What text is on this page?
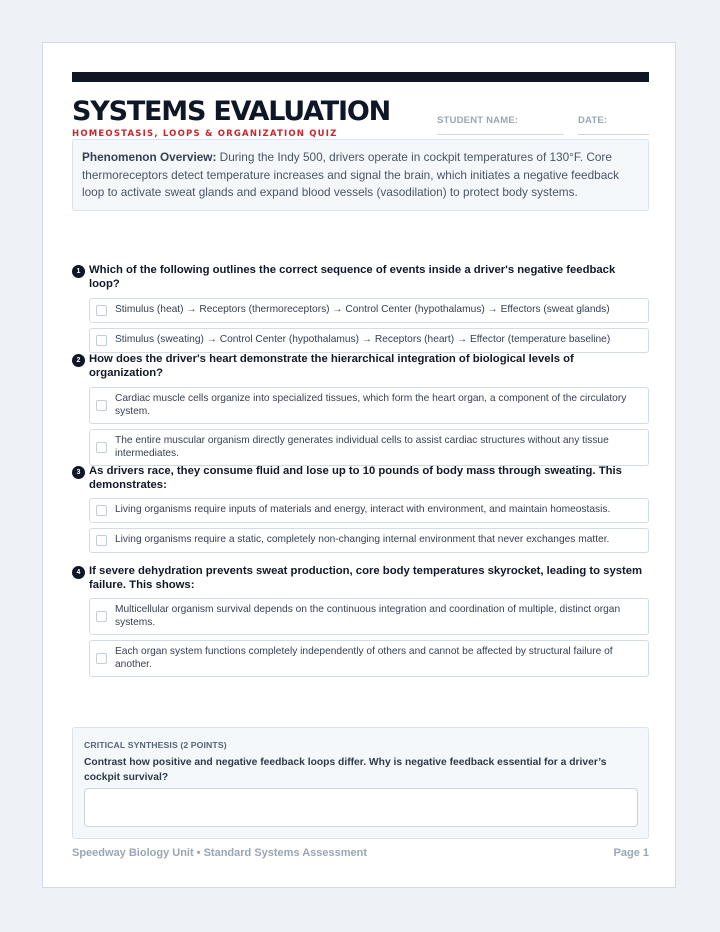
SYSTEMS EVALUATION
HOMEOSTASIS, LOOPS & ORGANIZATION QUIZ
STUDENT NAME:	DATE:
Phenomenon Overview: During the Indy 500, drivers operate in cockpit temperatures of 130°F. Core thermoreceptors detect temperature increases and signal the brain, which initiates a negative feedback loop to activate sweat glands and expand blood vessels (vasodilation) to protect body systems.
1 Which of the following outlines the correct sequence of events inside a driver's negative feedback loop?
Stimulus (heat) → Receptors (thermoreceptors) → Control Center (hypothalamus) → Effectors (sweat glands)
Stimulus (sweating) → Control Center (hypothalamus) → Receptors (heart) → Effector (temperature baseline)
2 How does the driver's heart demonstrate the hierarchical integration of biological levels of organization?
Cardiac muscle cells organize into specialized tissues, which form the heart organ, a component of the circulatory system.
The entire muscular organism directly generates individual cells to assist cardiac structures without any tissue intermediates.
3 As drivers race, they consume fluid and lose up to 10 pounds of body mass through sweating. This demonstrates:
Living organisms require inputs of materials and energy, interact with environment, and maintain homeostasis.
Living organisms require a static, completely non-changing internal environment that never exchanges matter.
4 If severe dehydration prevents sweat production, core body temperatures skyrocket, leading to system failure. This shows:
Multicellular organism survival depends on the continuous integration and coordination of multiple, distinct organ systems.
Each organ system functions completely independently of others and cannot be affected by structural failure of another.
CRITICAL SYNTHESIS (2 POINTS)
Contrast how positive and negative feedback loops differ. Why is negative feedback essential for a driver’s cockpit survival?
Speedway Biology Unit • Standard Systems Assessment	Page 1
